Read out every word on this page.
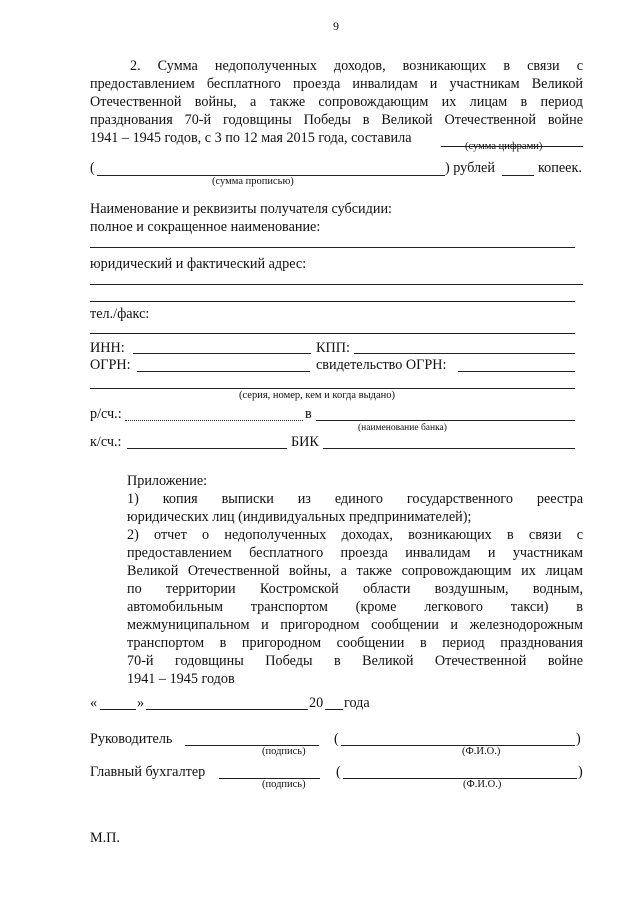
9
2. Сумма недополученных доходов, возникающих в связи с
предоставлением бесплатного проезда инвалидам и участникам Великой
Отечественной войны, а также сопровождающим их лицам в период
празднования 70-й годовщины Победы в Великой Отечественной войне
1941 – 1945 годов, с 3 по 12 мая 2015 года, составила
(сумма цифрами)
(	) рублей	копеек.
(сумма прописью)
Наименование и реквизиты получателя субсидии:
полное и сокращенное наименование:
юридический и фактический адрес:
тел./факс:
ИНН:	КПП:
ОГРН:	свидетельство ОГРН:
(серия, номер, кем и когда выдано)
р/сч.:	в
(наименование банка)
к/сч.:	БИК
Приложение:
1) копия выписки из единого государственного реестра
юридических лиц (индивидуальных предпринимателей);
2) отчет о недополученных доходах, возникающих в связи с
предоставлением бесплатного проезда инвалидам и участникам
Великой Отечественной войны, а также сопровождающим их лицам
по территории Костромской области воздушным, водным,
автомобильным транспортом (кроме легкового такси) в
межмуниципальном и пригородном сообщении и железнодорожным
транспортом в пригородном сообщении в период празднования
70-й годовщины Победы в Великой Отечественной войне
1941 – 1945 годов
«	»	20 года
Руководитель	(	)
(подпись)	(Ф.И.О.)
Главный бухгалтер	(	)
(подпись)	(Ф.И.О.)
М.П.
